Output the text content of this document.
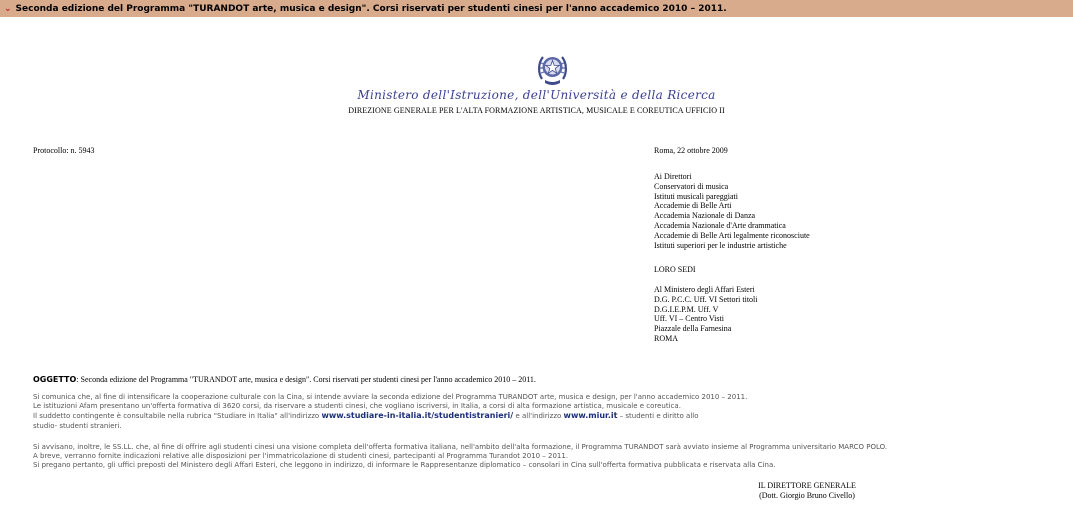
⌄ Seconda edizione del Programma "TURANDOT arte, musica e design". Corsi riservati per studenti cinesi per l'anno accademico 2010 – 2011.
Ministero dell'Istruzione, dell'Università e della Ricerca
DIREZIONE GENERALE PER L'ALTA FORMAZIONE ARTISTICA, MUSICALE E COREUTICA UFFICIO II
Protocollo: n. 5943	Roma, 22 ottobre 2009
Ai Direttori
Conservatori di musica
Istituti musicali pareggiati
Accademie di Belle Arti
Accademia Nazionale di Danza
Accademia Nazionale d'Arte drammatica
Accademie di Belle Arti legalmente riconosciute
Istituti superiori per le industrie artistiche
LORO SEDI
Al Ministero degli Affari Esteri
D.G. P.C.C. Uff. VI Settori titoli
D.G.I.E.P.M. Uff. V
Uff. VI – Centro Visti
Piazzale della Farnesina
ROMA
OGGETTO: Seconda edizione del Programma "TURANDOT arte, musica e design". Corsi riservati per studenti cinesi per l'anno accademico 2010 – 2011.
Si comunica che, al fine di intensificare la cooperazione culturale con la Cina, si intende avviare la seconda edizione del Programma TURANDOT arte, musica e design, per l'anno accademico 2010 – 2011.
Le istituzioni Afam presentano un'offerta formativa di 3620 corsi, da riservare a studenti cinesi, che vogliano iscriversi, in Italia, a corsi di alta formazione artistica, musicale e coreutica.
Il suddetto contingente è consultabile nella rubrica "Studiare in Italia" all'indirizzo www.studiare-in-italia.it/studentistranieri/ e all'indirizzo www.miur.it – studenti e diritto allo
studio- studenti stranieri.
Si avvisano, inoltre, le SS.LL. che, al fine di offrire agli studenti cinesi una visione completa dell'offerta formativa italiana, nell'ambito dell'alta formazione, il Programma TURANDOT sarà avviato insieme al Programma universitario MARCO POLO.
A breve, verranno fornite indicazioni relative alle disposizioni per l'immatricolazione di studenti cinesi, partecipanti al Programma Turandot 2010 – 2011.
Si pregano pertanto, gli uffici preposti del Ministero degli Affari Esteri, che leggono in indirizzo, di informare le Rappresentanze diplomatico – consolari in Cina sull'offerta formativa pubblicata e riservata alla Cina.
IL DIRETTORE GENERALE
(Dott. Giorgio Bruno Civello)
